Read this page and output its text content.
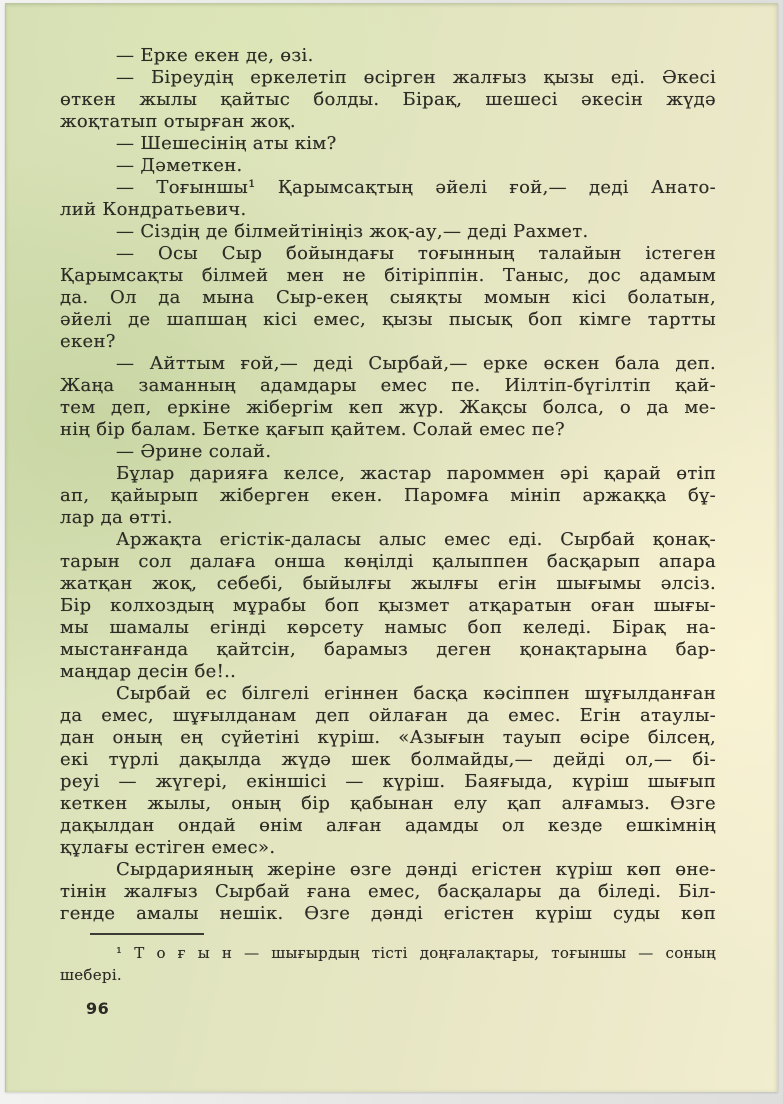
— Ерке екен де, өзі.
— Біреудің еркелетіп өсірген жалғыз қызы еді. Әкесі
өткен жылы қайтыс болды. Бірақ, шешесі әкесін жүдә
жоқтатып отырған жоқ.
— Шешесінің аты кім?
— Дәметкен.
— Тоғыншы¹ Қарымсақтың әйелі ғой,— деді Анато-
лий Кондратьевич.
— Сіздің де білмейтініңіз жоқ-ау,— деді Рахмет.
— Осы Сыр бойындағы тоғынның талайын істеген
Қарымсақты білмей мен не бітіріппін. Таныс, дос адамым
да. Ол да мына Сыр-екең сыяқты момын кісі болатын,
әйелі де шапшаң кісі емес, қызы пысық боп кімге тартты
екен?
— Айттым ғой,— деді Сырбай,— ерке өскен бала деп.
Жаңа заманның адамдары емес пе. Иілтіп-бүгілтіп қай-
тем деп, еркіне жібергім кеп жүр. Жақсы болса, о да ме-
нің бір балам. Бетке қағып қайтем. Солай емес пе?
— Әрине солай.
Бұлар дарияға келсе, жастар пароммен әрі қарай өтіп
ап, қайырып жіберген екен. Паромға мініп аржаққа бұ-
лар да өтті.
Аржақта егістік-даласы алыс емес еді. Сырбай қонақ-
тарын сол далаға онша көңілді қалыппен басқарып апара
жатқан жоқ, себебі, быйылғы жылғы егін шығымы әлсіз.
Бір колхоздың мұрабы боп қызмет атқаратын оған шығы-
мы шамалы егінді көрсету намыс боп келеді. Бірақ на-
мыстанғанда қайтсін, барамыз деген қонақтарына бар-
маңдар десін бе!..
Сырбай ес білгелі егіннен басқа кәсіппен шұғылданған
да емес, шұғылданам деп ойлаған да емес. Егін атаулы-
дан оның ең сүйетіні күріш. «Азығын тауып өсіре білсең,
екі түрлі дақылда жүдә шек болмайды,— дейді ол,— бі-
реуі — жүгері, екіншісі — күріш. Баяғыда, күріш шығып
кеткен жылы, оның бір қабынан елу қап алғамыз. Өзге
дақылдан ондай өнім алған адамды ол кезде ешкімнің
құлағы естіген емес».
Сырдарияның жеріне өзге дәнді егістен күріш көп өне-
тінін жалғыз Сырбай ғана емес, басқалары да біледі. Біл-
генде амалы нешік. Өзге дәнді егістен күріш суды көп
¹ Т о ғ ы н — шығырдың тісті доңғалақтары, тоғыншы — соның
шебері.
96
